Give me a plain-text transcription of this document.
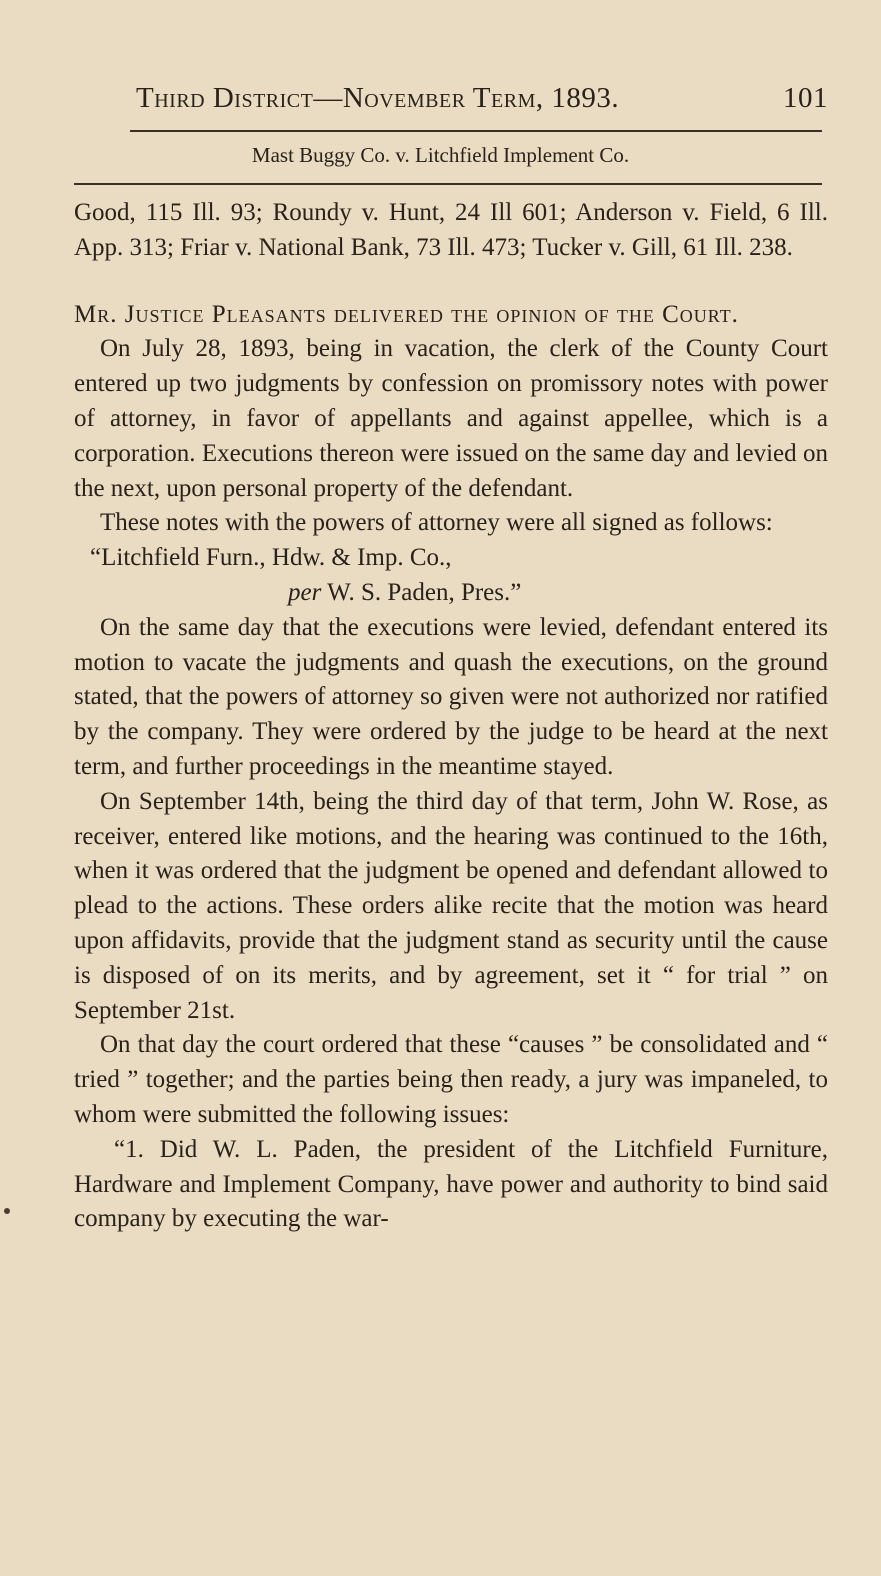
Third District—November Term, 1893.	101
Mast Buggy Co. v. Litchfield Implement Co.

Good, 115 Ill. 93; Roundy v. Hunt, 24 Ill 601; Anderson v. Field, 6 Ill. App. 313; Friar v. National Bank, 73 Ill. 473; Tucker v. Gill, 61 Ill. 238.

Mr. Justice Pleasants delivered the opinion of the Court.

On July 28, 1893, being in vacation, the clerk of the County Court entered up two judgments by confession on promissory notes with power of attorney, in favor of appellants and against appellee, which is a corporation. Executions thereon were issued on the same day and levied on the next, upon personal property of the defendant.

These notes with the powers of attorney were all signed as follows:

“Litchfield Furn., Hdw. & Imp. Co.,

per W. S. Paden, Pres.”

On the same day that the executions were levied, defendant entered its motion to vacate the judgments and quash the executions, on the ground stated, that the powers of attorney so given were not authorized nor ratified by the company. They were ordered by the judge to be heard at the next term, and further proceedings in the meantime stayed.

On September 14th, being the third day of that term, John W. Rose, as receiver, entered like motions, and the hearing was continued to the 16th, when it was ordered that the judgment be opened and defendant allowed to plead to the actions. These orders alike recite that the motion was heard upon affidavits, provide that the judgment stand as security until the cause is disposed of on its merits, and by agreement, set it “ for trial ” on September 21st.

On that day the court ordered that these “causes ” be consolidated and “ tried ” together; and the parties being then ready, a jury was impaneled, to whom were submitted the following issues:

“1. Did W. L. Paden, the president of the Litchfield Furniture, Hardware and Implement Company, have power and authority to bind said company by executing the war-
